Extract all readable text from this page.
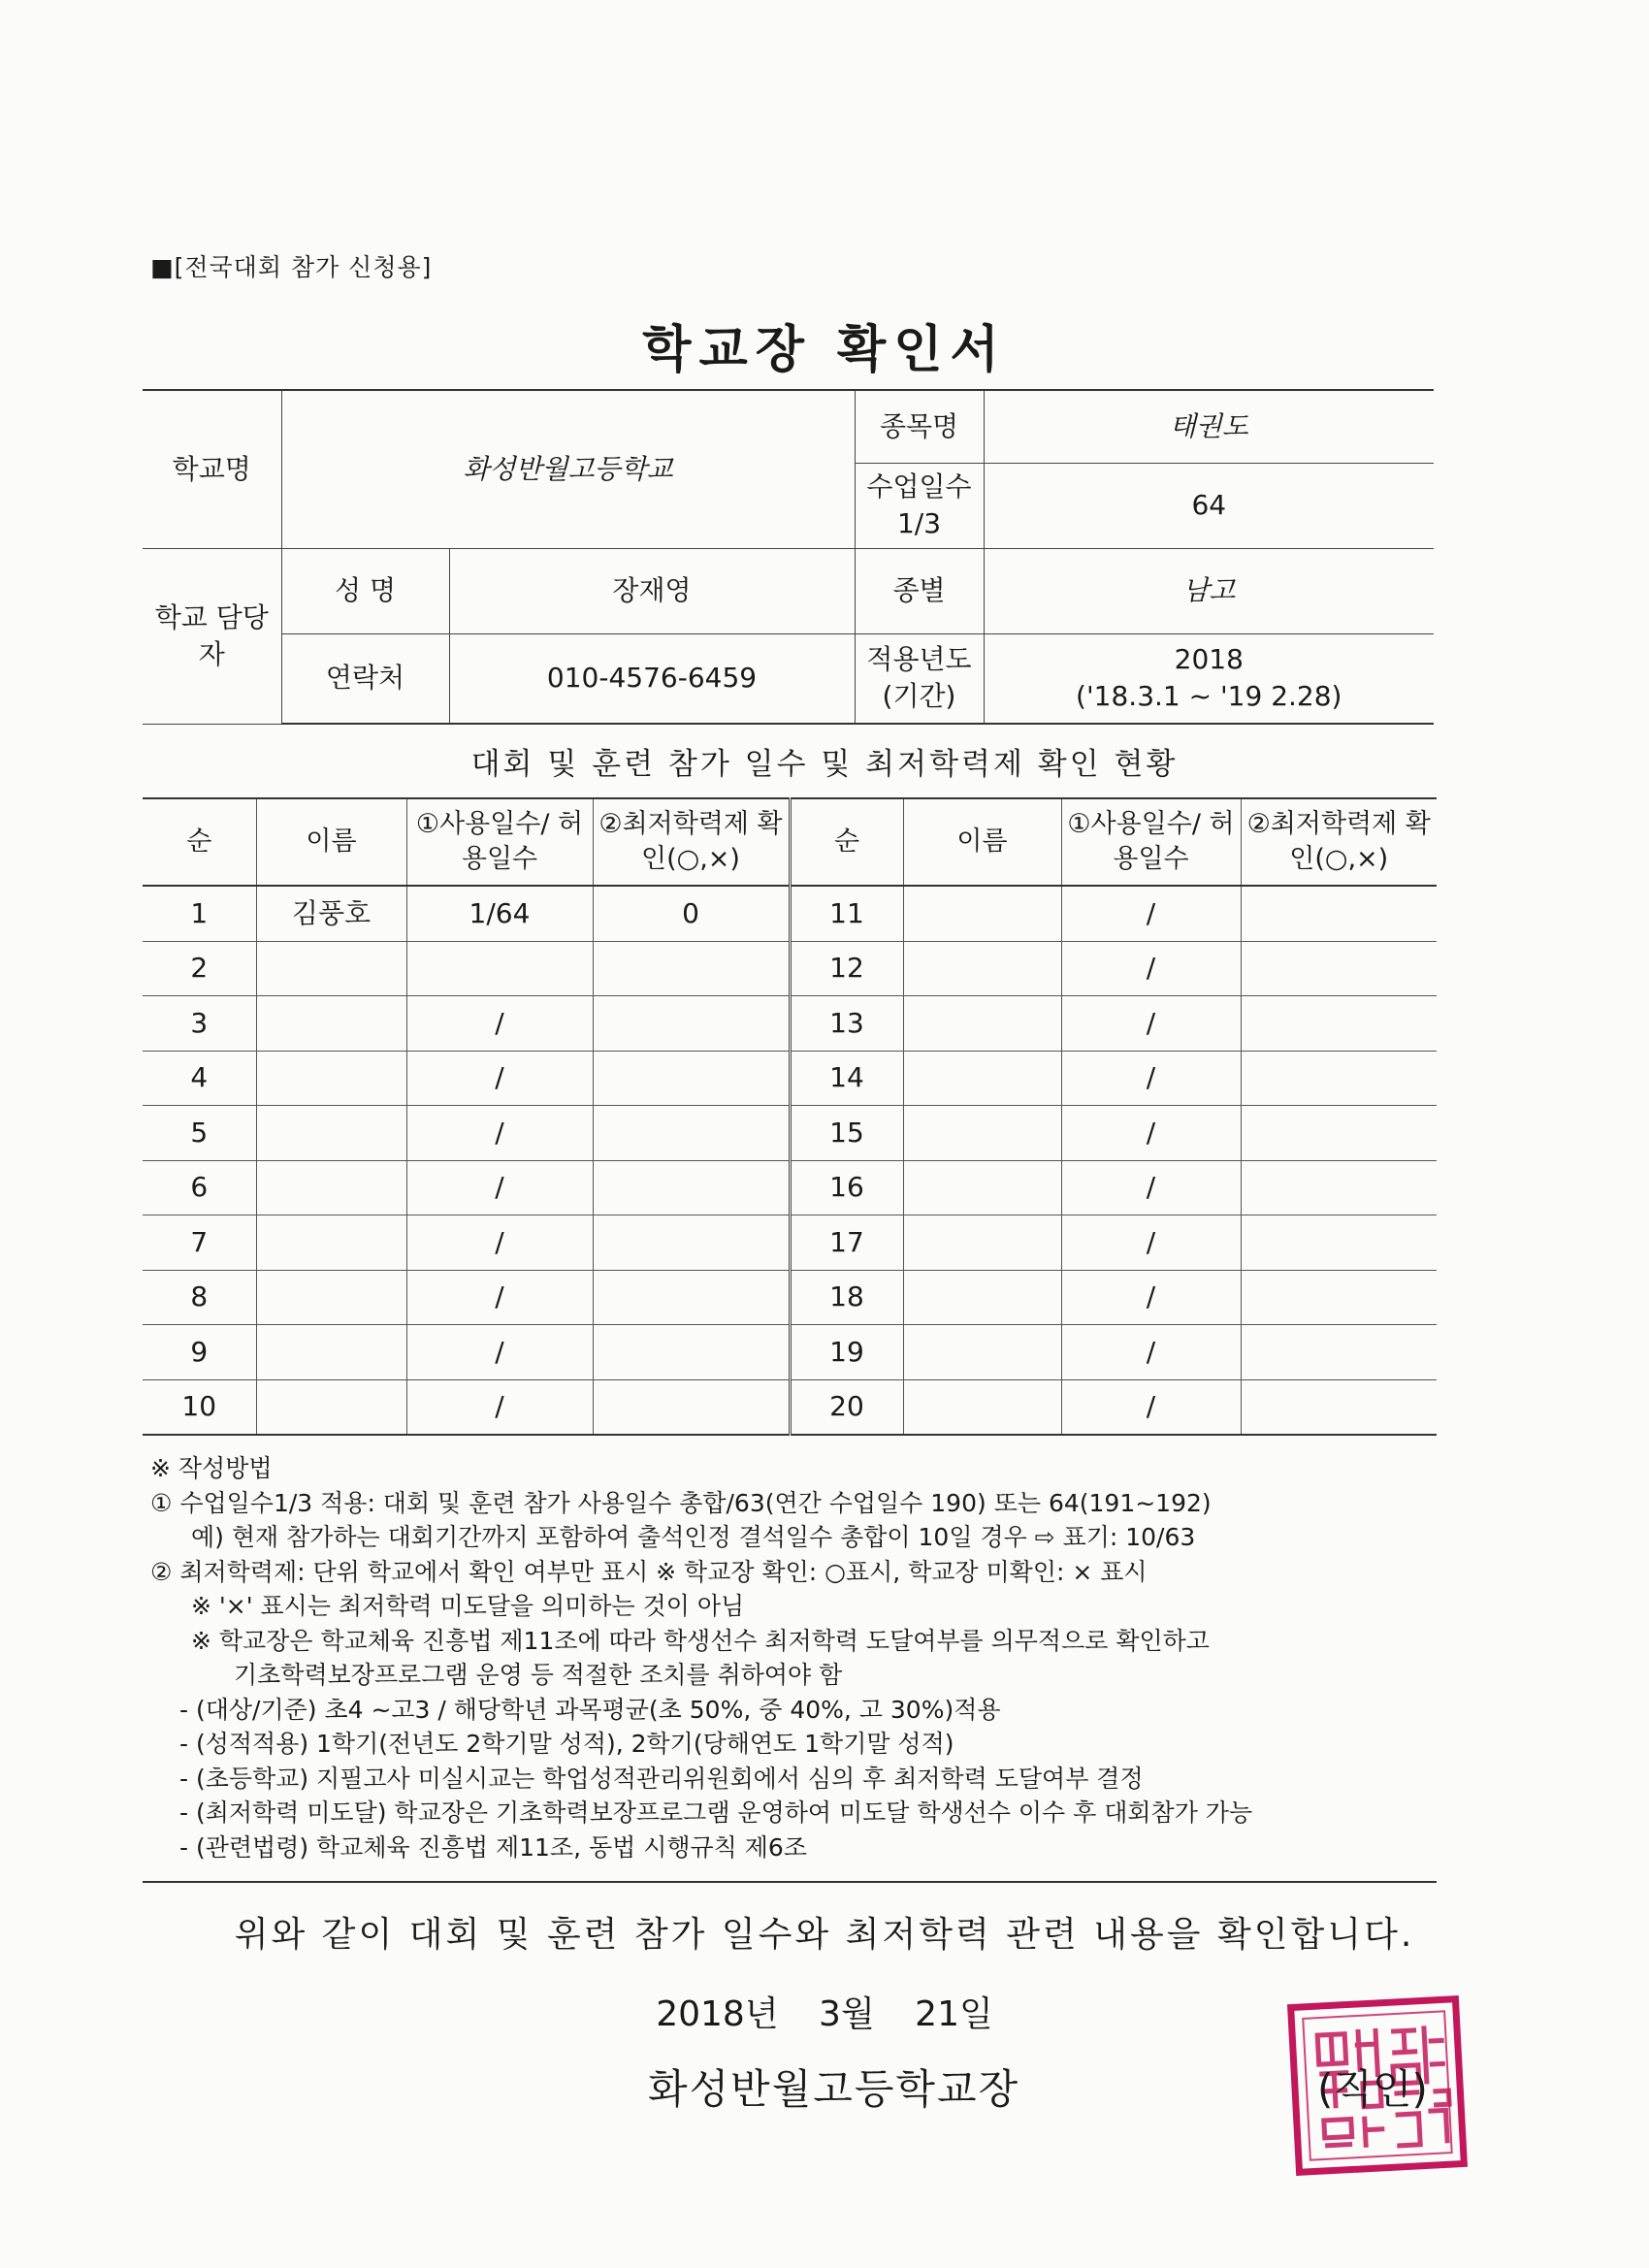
■[전국대회 참가 신청용]
학교장 확인서
학교명	화성반월고등학교		종목명	태권도
			수업일수 1/3	64
학교 담당자	성 명	장재영	종별	남고
	연락처	010-4576-6459	적용년도 (기간)	2018
('18.3.1 ~ '19 2.28)
대회 및 훈련 참가 일수 및 최저학력제 확인 현황
순	이름	①사용일수/ 허용일수	②최저학력제 확인(○,×)	순	이름	①사용일수/ 허용일수	②최저학력제 확인(○,×)
1	김풍호	1/64	0	11		/	
2				12		/	
3		/		13		/	
4		/		14		/	
5		/		15		/	
6		/		16		/	
7		/		17		/	
8		/		18		/	
9		/		19		/	
10		/		20		/	
※ 작성방법
① 수업일수1/3 적용: 대회 및 훈련 참가 사용일수 총합/63(연간 수업일수 190) 또는 64(191~192)
예) 현재 참가하는 대회기간까지 포함하여 출석인정 결석일수 총합이 10일 경우 ⇨ 표기: 10/63
② 최저학력제: 단위 학교에서 확인 여부만 표시 ※ 학교장 확인: ○표시, 학교장 미확인: × 표시
※ '×' 표시는 최저학력 미도달을 의미하는 것이 아님
※ 학교장은 학교체육 진흥법 제11조에 따라 학생선수 최저학력 도달여부를 의무적으로 확인하고
기초학력보장프로그램 운영 등 적절한 조치를 취하여야 함
- (대상/기준) 초4 ~고3 / 해당학년 과목평균(초 50%, 중 40%, 고 30%)적용
- (성적적용) 1학기(전년도 2학기말 성적), 2학기(당해연도 1학기말 성적)
- (초등학교) 지필고사 미실시교는 학업성적관리위원회에서 심의 후 최저학력 도달여부 결정
- (최저학력 미도달) 학교장은 기초학력보장프로그램 운영하여 미도달 학생선수 이수 후 대회참가 가능
- (관련법령) 학교체육 진흥법 제11조, 동법 시행규칙 제6조
위와 같이 대회 및 훈련 참가 일수와 최저학력 관련 내용을 확인합니다.
2018년 3월 21일
화성반월고등학교장	(직인)
